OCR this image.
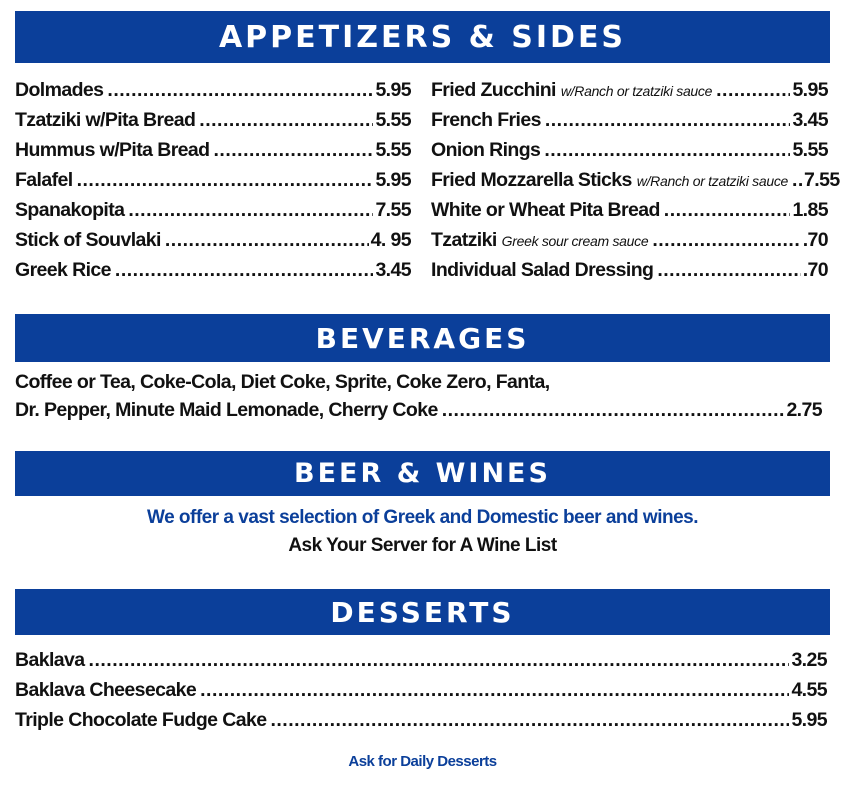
APPETIZERS & SIDES
Dolmades .....	5.95
Tzatziki w/Pita Bread .....	5.55
Hummus w/Pita Bread .....	5.55
Falafel .....	5.95
Spanakopita .....	7.55
Stick of Souvlaki .....	4. 95
Greek Rice .....	3.45
Fried Zucchini w/Ranch or tzatziki sauce .....	5.95
French Fries .....	3.45
Onion Rings .....	5.55
Fried Mozzarella Sticks w/Ranch or tzatziki sauce ..... 7.55
White or Wheat Pita Bread .....	1.85
Tzatziki Greek sour cream sauce .....	.70
Individual Salad Dressing .....	.70
BEVERAGES
Coffee or Tea, Coke-Cola, Diet Coke, Sprite, Coke Zero, Fanta,
Dr. Pepper, Minute Maid Lemonade, Cherry Coke .....	2.75
BEER & WINES
We offer a vast selection of Greek and Domestic beer and wines.
Ask Your Server for A Wine List
DESSERTS
Baklava .....	3.25
Baklava Cheesecake .....	4.55
Triple Chocolate Fudge Cake .....	5.95
Ask for Daily Desserts
